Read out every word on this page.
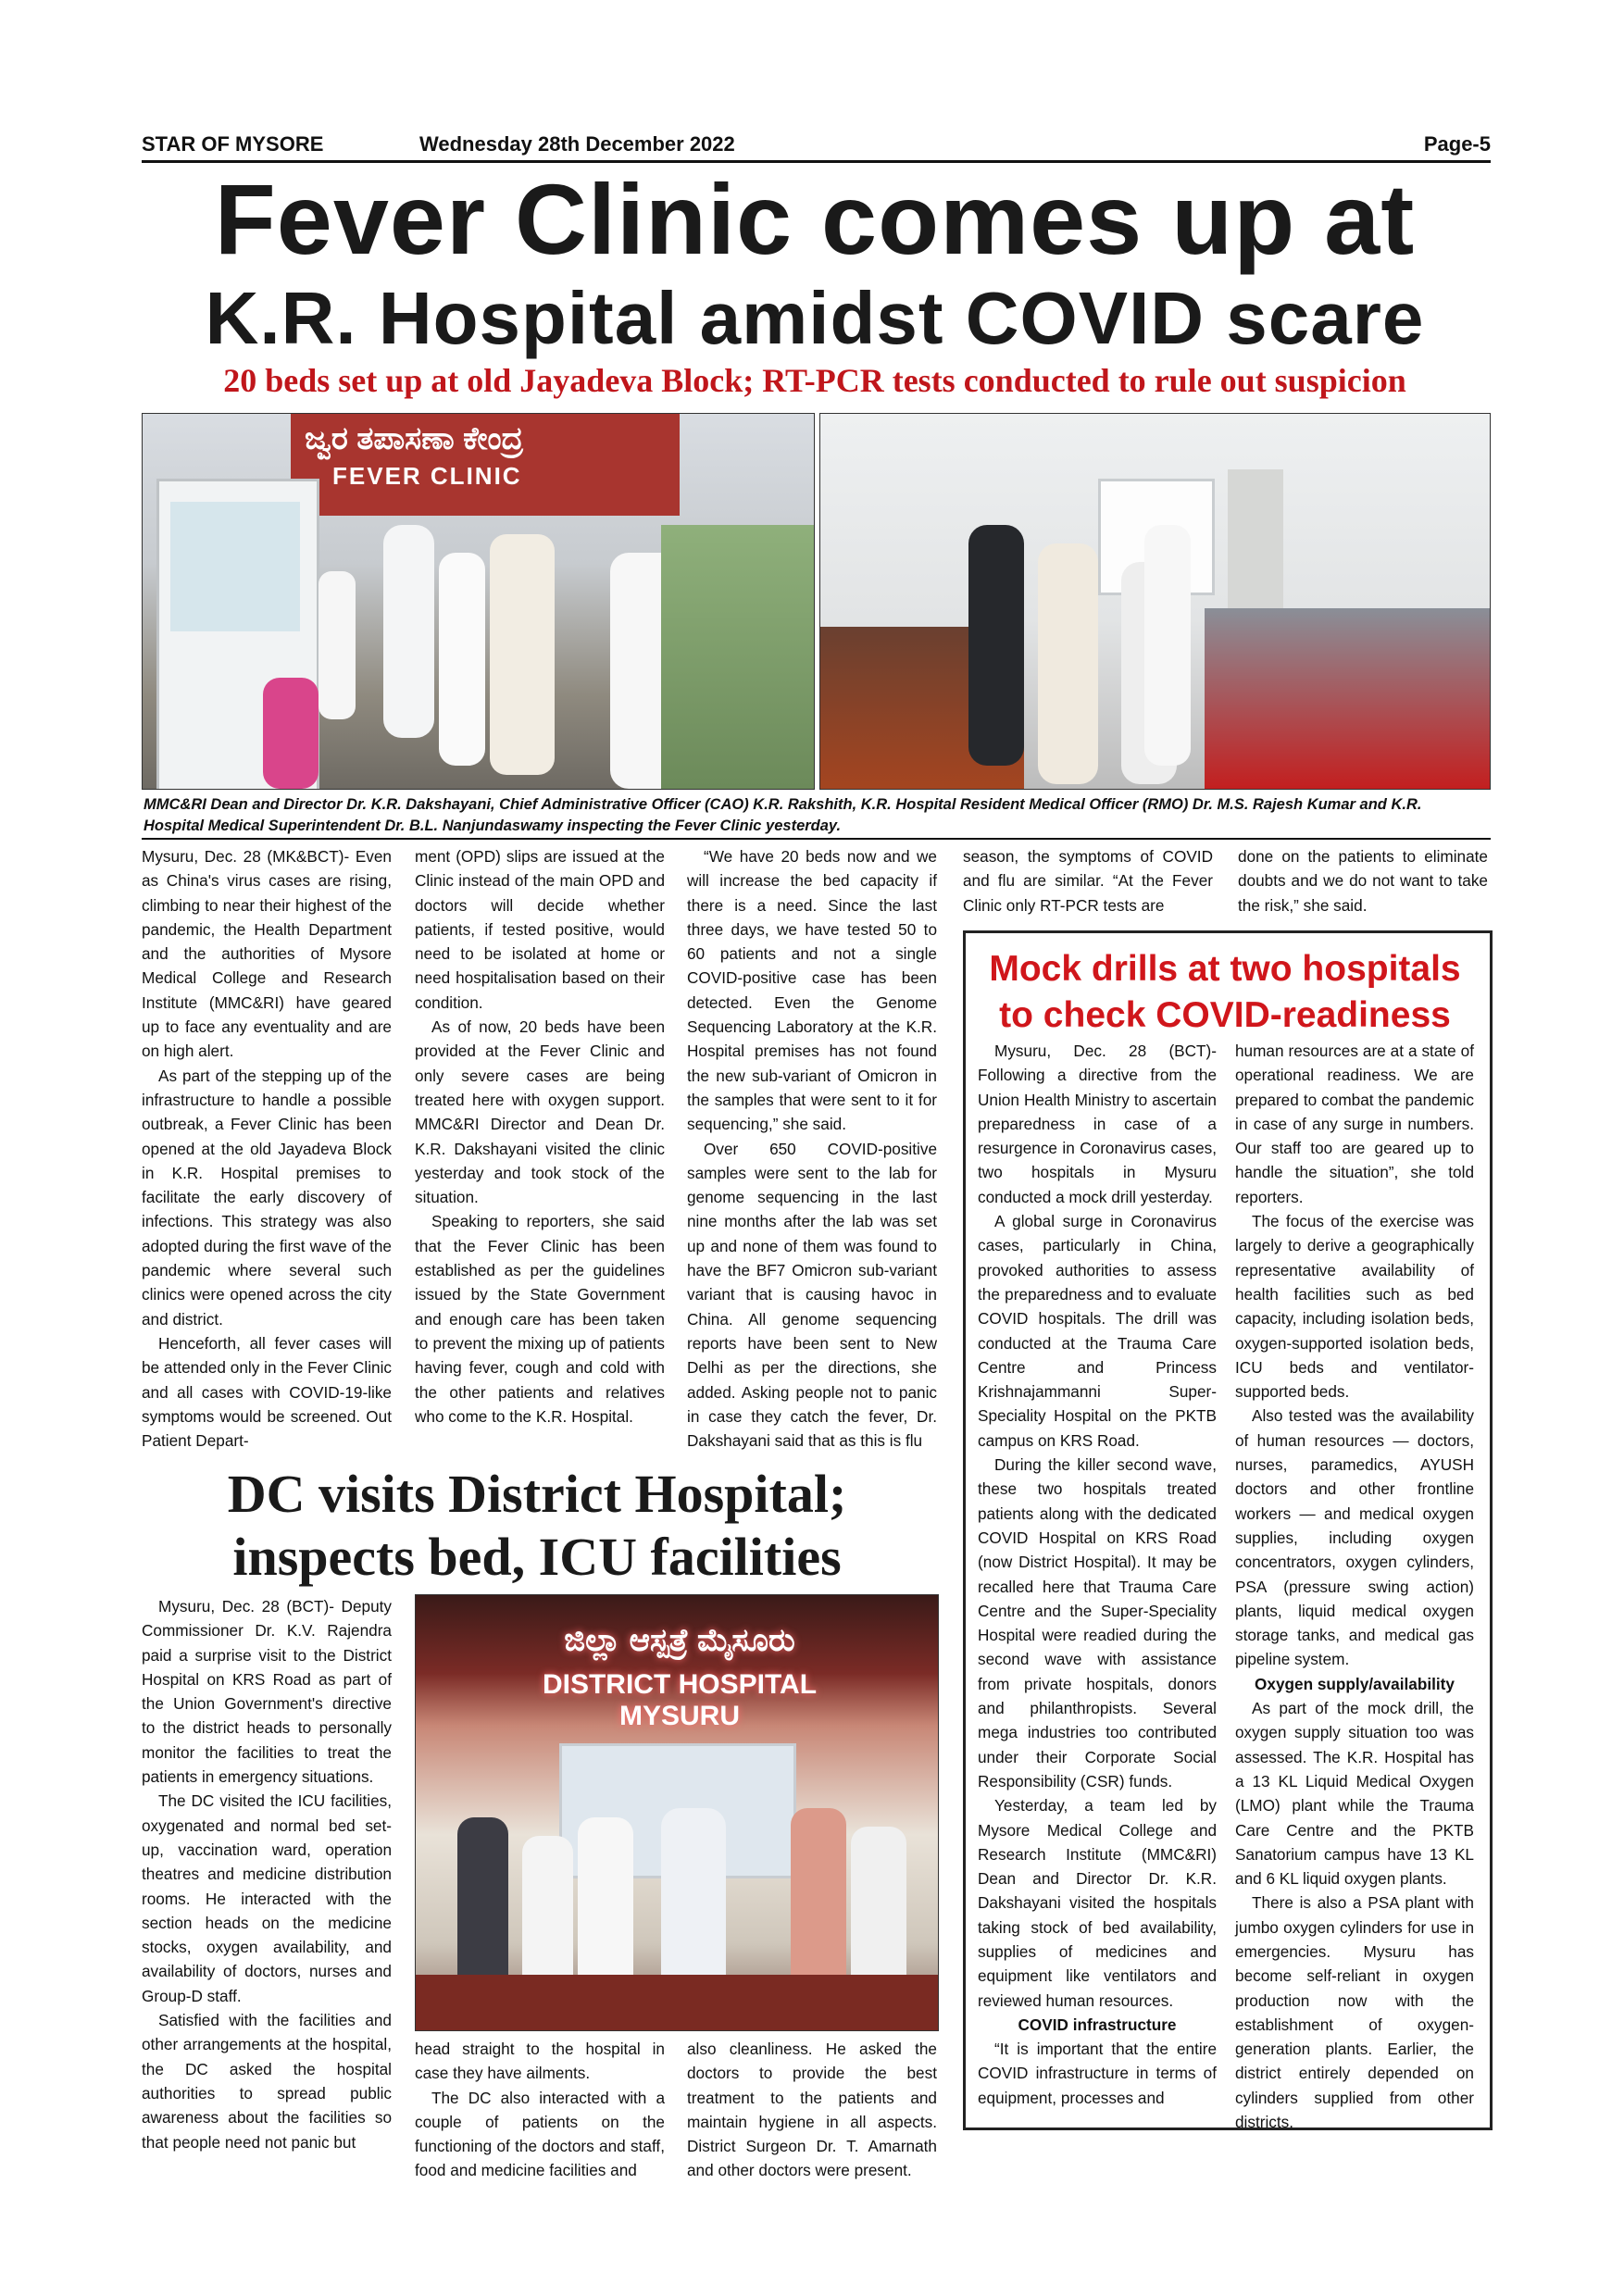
STAR OF MYSORE	Wednesday 28th December 2022	Page-5
Fever Clinic comes up at
K.R. Hospital amidst COVID scare
20 beds set up at old Jayadeva Block; RT-PCR tests conducted to rule out suspicion
ಜ್ವರ ತಪಾಸಣಾ ಕೇಂದ್ರ
FEVER CLINIC
MMC&RI Dean and Director Dr. K.R. Dakshayani, Chief Administrative Officer (CAO) K.R. Rakshith, K.R. Hospital Resident Medical Officer (RMO) Dr. M.S. Rajesh Kumar and K.R. Hospital Medical Superintendent Dr. B.L. Nanjundaswamy inspecting the Fever Clinic yesterday.

Mysuru, Dec. 28 (MK&BCT)- Even as China's virus cases are rising, climbing to near their highest of the pandemic, the Health Department and the authorities of Mysore Medical College and Research Institute (MMC&RI) have geared up to face any eventuality and are on high alert.

As part of the stepping up of the infrastructure to handle a possible outbreak, a Fever Clinic has been opened at the old Jayadeva Block in K.R. Hospital premises to facilitate the early discovery of infections. This strategy was also adopted during the first wave of the pandemic where several such clinics were opened across the city and district.

Henceforth, all fever cases will be attended only in the Fever Clinic and all cases with COVID-19-like symptoms would be screened. Out Patient Depart-

ment (OPD) slips are issued at the Clinic instead of the main OPD and doctors will decide whether patients, if tested positive, would need to be isolated at home or need hospitalisation based on their condition.

As of now, 20 beds have been provided at the Fever Clinic and only severe cases are being treated here with oxygen support. MMC&RI Director and Dean Dr. K.R. Dakshayani visited the clinic yesterday and took stock of the situation.

Speaking to reporters, she said that the Fever Clinic has been established as per the guidelines issued by the State Government and enough care has been taken to prevent the mixing up of patients having fever, cough and cold with the other patients and relatives who come to the K.R. Hospital.

“We have 20 beds now and we will increase the bed capacity if there is a need. Since the last three days, we have tested 50 to 60 patients and not a single COVID-positive case has been detected. Even the Genome Sequencing Laboratory at the K.R. Hospital premises has not found the new sub-variant of Omicron in the samples that were sent to it for sequencing,” she said.

Over 650 COVID-positive samples were sent to the lab for genome sequencing in the last nine months after the lab was set up and none of them was found to have the BF7 Omicron sub-variant variant that is causing havoc in China. All genome sequencing reports have been sent to New Delhi as per the directions, she added. Asking people not to panic in case they catch the fever, Dr. Dakshayani said that as this is flu

season, the symptoms of COVID and flu are similar. “At the Fever Clinic only RT-PCR tests are

done on the patients to eliminate doubts and we do not want to take the risk,” she said.

DC visits District Hospital;
inspects bed, ICU facilities

Mysuru, Dec. 28 (BCT)- Deputy Commissioner Dr. K.V. Rajendra paid a surprise visit to the District Hospital on KRS Road as part of the Union Government's directive to the district heads to personally monitor the facilities to treat the patients in emergency situations.

The DC visited the ICU facilities, oxygenated and normal bed set-up, vaccination ward, operation theatres and medicine distribution rooms. He interacted with the section heads on the medicine stocks, oxygen availability, and availability of doctors, nurses and Group-D staff.

Satisfied with the facilities and other arrangements at the hospital, the DC asked the hospital authorities to spread public awareness about the facilities so that people need not panic but

ಜಿಲ್ಲಾ ಆಸ್ಪತ್ರೆ ಮೈಸೂರು
DISTRICT HOSPITAL MYSURU

head straight to the hospital in case they have ailments.

The DC also interacted with a couple of patients on the functioning of the doctors and staff, food and medicine facilities and

also cleanliness. He asked the doctors to provide the best treatment to the patients and maintain hygiene in all aspects. District Surgeon Dr. T. Amarnath and other doctors were present.

Mock drills at two hospitals
to check COVID-readiness

Mysuru, Dec. 28 (BCT)- Following a directive from the Union Health Ministry to ascertain preparedness in case of a resurgence in Coronavirus cases, two hospitals in Mysuru conducted a mock drill yesterday.

A global surge in Coronavirus cases, particularly in China, provoked authorities to assess the preparedness and to evaluate COVID hospitals. The drill was conducted at the Trauma Care Centre and Princess Krishnajammanni Super-Speciality Hospital on the PKTB campus on KRS Road.

During the killer second wave, these two hospitals treated patients along with the dedicated COVID Hospital on KRS Road (now District Hospital). It may be recalled here that Trauma Care Centre and the Super-Speciality Hospital were readied during the second wave with assistance from private hospitals, donors and philanthropists. Several mega industries too contributed under their Corporate Social Responsibility (CSR) funds.

Yesterday, a team led by Mysore Medical College and Research Institute (MMC&RI) Dean and Director Dr. K.R. Dakshayani visited the hospitals taking stock of bed availability, supplies of medicines and equipment like ventilators and reviewed human resources.

COVID infrastructure

“It is important that the entire COVID infrastructure in terms of equipment, processes and

human resources are at a state of operational readiness. We are prepared to combat the pandemic in case of any surge in numbers. Our staff too are geared up to handle the situation”, she told reporters.

The focus of the exercise was largely to derive a geographically representative availability of health facilities such as bed capacity, including isolation beds, oxygen-supported isolation beds, ICU beds and ventilator-supported beds.

Also tested was the availability of human resources — doctors, nurses, paramedics, AYUSH doctors and other frontline workers — and medical oxygen supplies, including oxygen concentrators, oxygen cylinders, PSA (pressure swing action) plants, liquid medical oxygen storage tanks, and medical gas pipeline system.

Oxygen supply/availability

As part of the mock drill, the oxygen supply situation too was assessed. The K.R. Hospital has a 13 KL Liquid Medical Oxygen (LMO) plant while the Trauma Care Centre and the PKTB Sanatorium campus have 13 KL and 6 KL liquid oxygen plants.

There is also a PSA plant with jumbo oxygen cylinders for use in emergencies. Mysuru has become self-reliant in oxygen production now with the establishment of oxygen-generation plants. Earlier, the district entirely depended on cylinders supplied from other districts.
